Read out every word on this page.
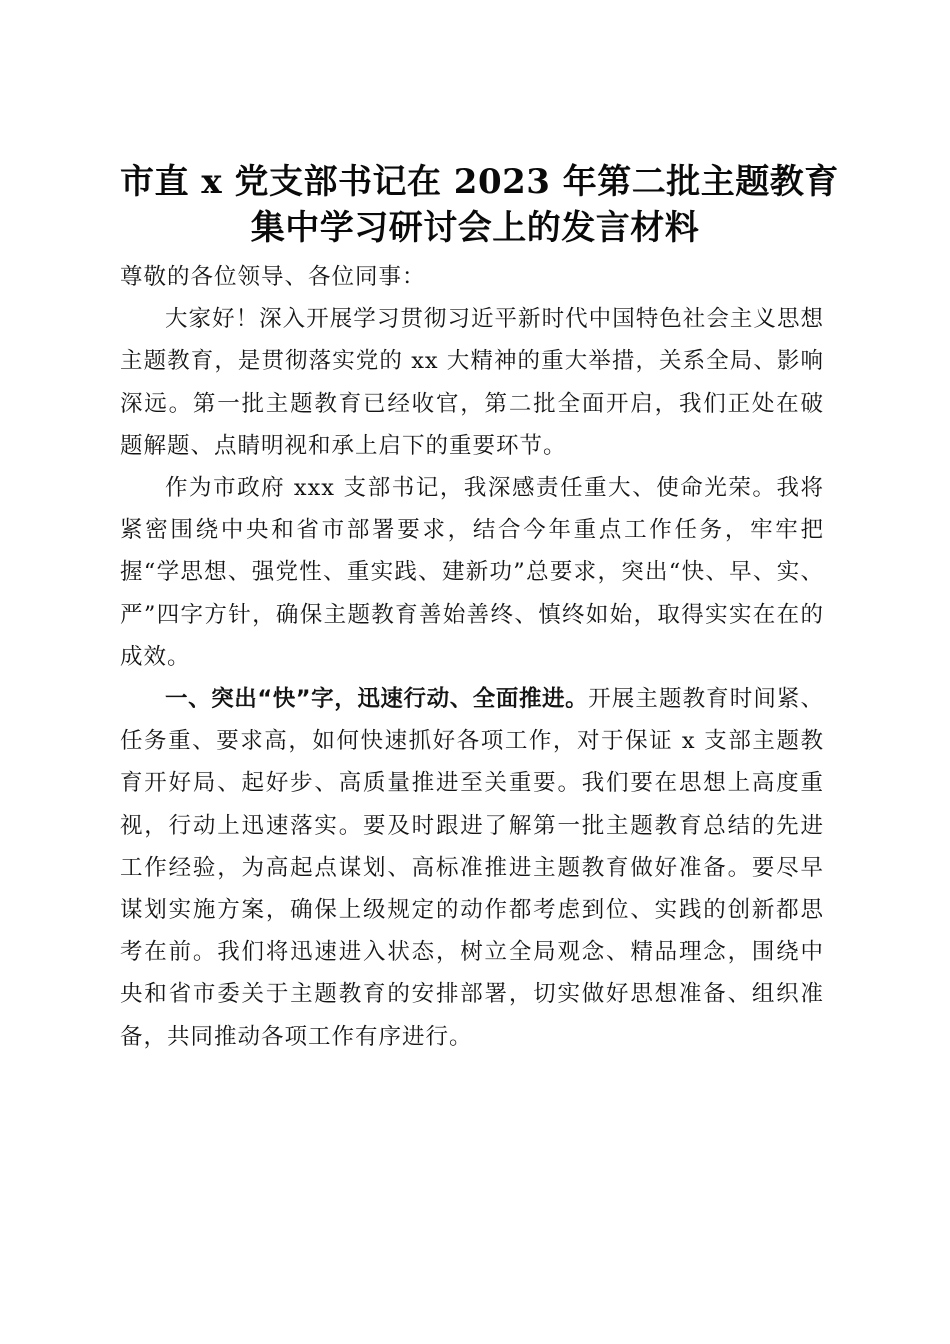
市直 x 党支部书记在 2023 年第二批主题教育
集中学习研讨会上的发言材料

尊敬的各位领导、各位同事：

大家好！深入开展学习贯彻习近平新时代中国特色社会主义思想主题教育，是贯彻落实党的 xx 大精神的重大举措，关系全局、影响深远。第一批主题教育已经收官，第二批全面开启，我们正处在破题解题、点睛明视和承上启下的重要环节。

作为市政府 xxx 支部书记，我深感责任重大、使命光荣。我将紧密围绕中央和省市部署要求，结合今年重点工作任务，牢牢把握“学思想、强党性、重实践、建新功”总要求，突出“快、早、实、严”四字方针，确保主题教育善始善终、慎终如始，取得实实在在的成效。

一、突出“快”字，迅速行动、全面推进。开展主题教育时间紧、任务重、要求高，如何快速抓好各项工作，对于保证 x 支部主题教育开好局、起好步、高质量推进至关重要。我们要在思想上高度重视，行动上迅速落实。要及时跟进了解第一批主题教育总结的先进工作经验，为高起点谋划、高标准推进主题教育做好准备。要尽早谋划实施方案，确保上级规定的动作都考虑到位、实践的创新都思考在前。我们将迅速进入状态，树立全局观念、精品理念，围绕中央和省市委关于主题教育的安排部署，切实做好思想准备、组织准备，共同推动各项工作有序进行。
